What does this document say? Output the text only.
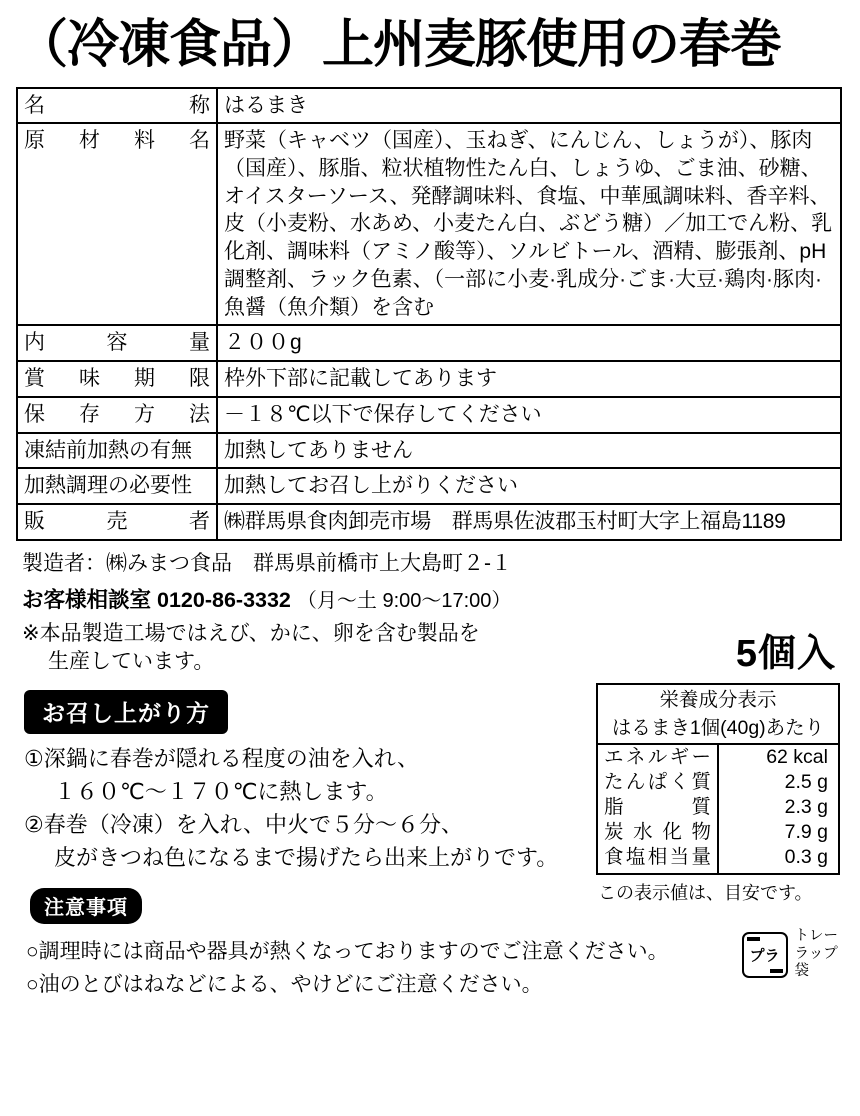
（冷凍食品）上州麦豚使用の春巻
名　　　　称	はるまき
原　材　料　名	野菜（キャベツ（国産）、玉ねぎ、にんじん、しょうが）、豚肉（国産）、豚脂、粒状植物性たん白、しょうゆ、ごま油、砂糖、オイスターソース、発酵調味料、食塩、中華風調味料、香辛料、皮（小麦粉、水あめ、小麦たん白、ぶどう糖）／加工でん粉、乳化剤、調味料（アミノ酸等）、ソルビトール、酒精、膨張剤、pH調整剤、ラック色素、（一部に小麦·乳成分·ごま·大豆·鶏肉·豚肉·魚醤（魚介類）を含む
内　　容　　量	２００g
賞　味　期　限	枠外下部に記載してあります
保　存　方　法	－１８℃以下で保存してください
凍結前加熱の有無	加熱してありません
加熱調理の必要性	加熱してお召し上がりください
販　　売　　者	㈱群馬県食肉卸売市場　群馬県佐波郡玉村町大字上福島1189
製造者：㈱みまつ食品　群馬県前橋市上大島町２‐１
お客様相談室 0120‐86‐3332 （月～土 9:00～17:00）
※本品製造工場ではえび、かに、卵を含む製品を
生産しています。
お召し上がり方
①深鍋に春巻が隠れる程度の油を入れ、
１６０℃～１７０℃に熱します。
②春巻（冷凍）を入れ、中火で５分～６分、
皮がきつね色になるまで揚げたら出来上がりです。
注意事項
○調理時には商品や器具が熱くなっておりますのでご注意ください。
○油のとびはねなどによる、やけどにご注意ください。
5個入
栄養成分表示	
はるまき1個(40g)あたり	
エネルギー	62 kcal
たんぱく質	2.5 g
脂　　　質	2.3 g
炭 水 化 物	7.9 g
食塩相当量	0.3 g
この表示値は、目安です。
プラ
トレー
ラップ
袋
